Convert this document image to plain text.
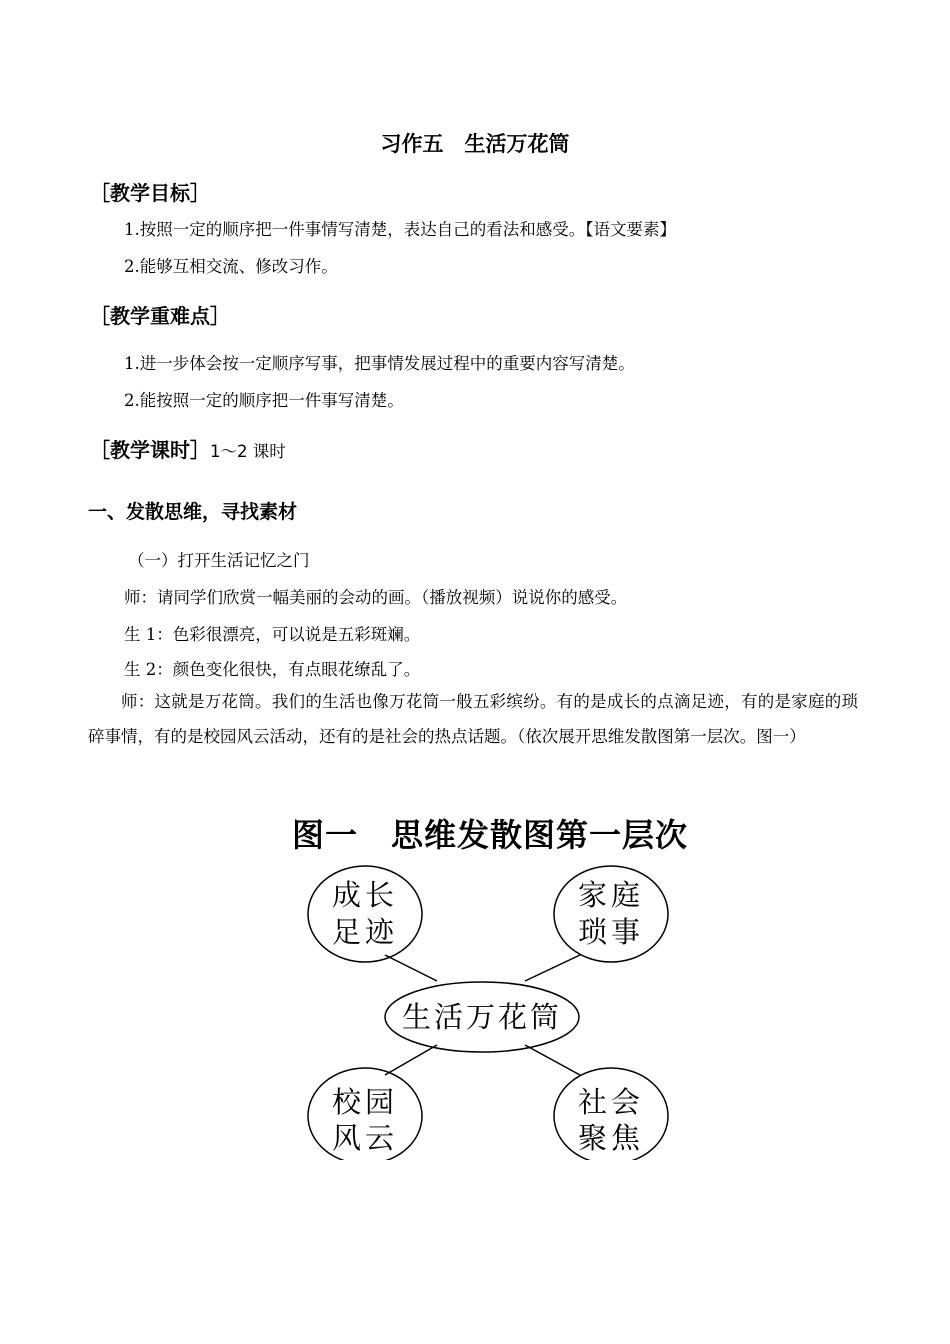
习作五　生活万花筒
［教学目标］
1.按照一定的顺序把一件事情写清楚，表达自己的看法和感受。【语文要素】
2.能够互相交流、修改习作。
［教学重难点］
1.进一步体会按一定顺序写事，把事情发展过程中的重要内容写清楚。
2.能按照一定的顺序把一件事写清楚。
［教学课时］1～2 课时
一、发散思维，寻找素材
（一）打开生活记忆之门
师：请同学们欣赏一幅美丽的会动的画。（播放视频）说说你的感受。
生 1：色彩很漂亮，可以说是五彩斑斓。
生 2：颜色变化很快，有点眼花缭乱了。
师：这就是万花筒。我们的生活也像万花筒一般五彩缤纷。有的是成长的点滴足迹，有的是家庭的琐碎事情，有的是校园风云活动，还有的是社会的热点话题。（依次展开思维发散图第一层次。图一）
图一　思维发散图第一层次
生活万花筒
成长
足迹
家庭
琐事
校园
风云
社会
聚焦
